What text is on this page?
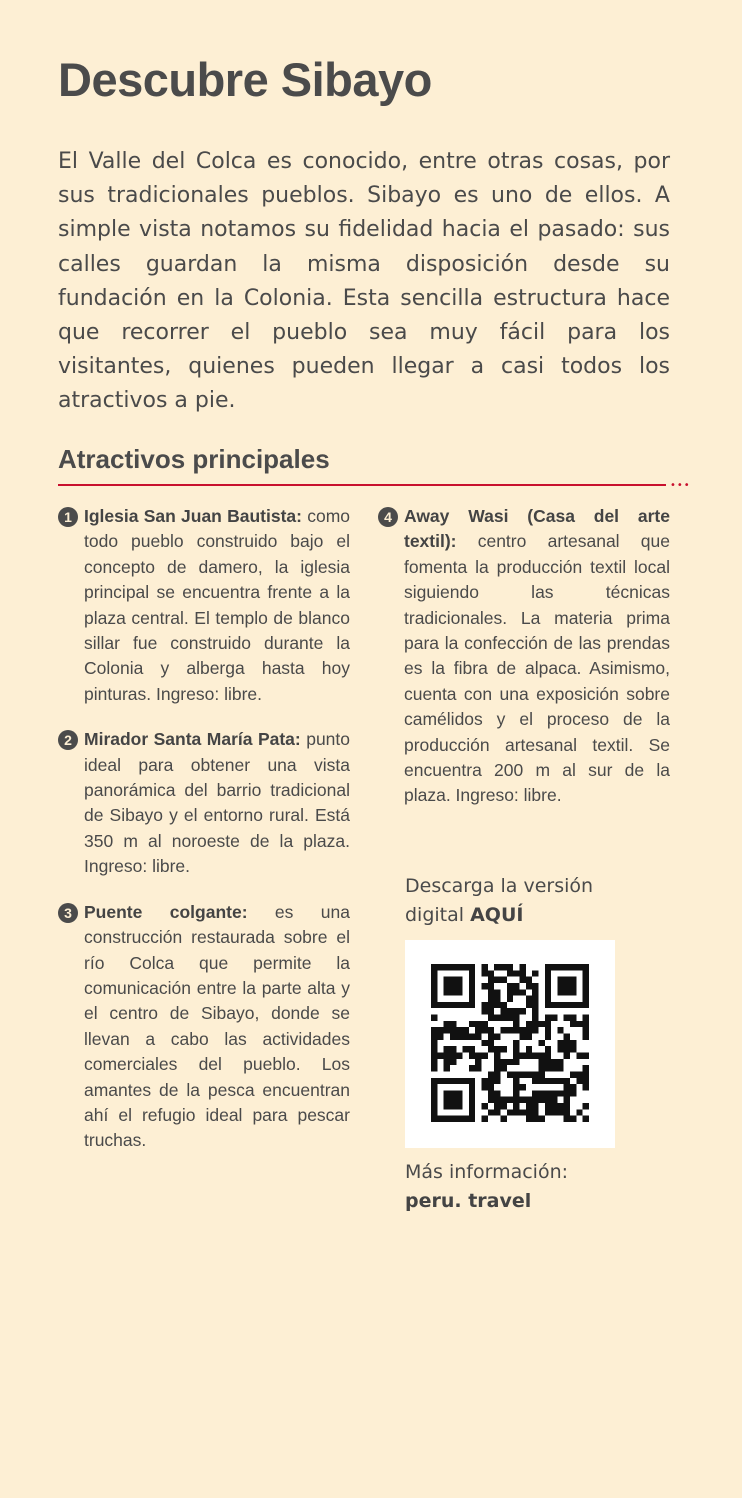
Descubre Sibayo

El Valle del Colca es conocido, entre otras cosas, por sus tradicionales pueblos. Sibayo es uno de ellos. A simple vista notamos su fidelidad hacia el pasado: sus calles guardan la misma disposición desde su fundación en la Colonia. Esta sencilla estructura hace que recorrer el pueblo sea muy fácil para los visitantes, quienes pueden llegar a casi todos los atractivos a pie.

Atractivos principales
•••
1 Iglesia San Juan Bautista: como todo pueblo construido bajo el concepto de damero, la iglesia principal se encuentra frente a la plaza central. El templo de blanco sillar fue construido durante la Colonia y alberga hasta hoy pinturas. Ingreso: libre.
2 Mirador Santa María Pata: punto ideal para obtener una vista panorámica del barrio tradicional de Sibayo y el entorno rural. Está 350 m al noroeste de la plaza. Ingreso: libre.
3 Puente colgante: es una construcción restaurada sobre el río Colca que permite la comunicación entre la parte alta y el centro de Sibayo, donde se llevan a cabo las actividades comerciales del pueblo. Los amantes de la pesca encuentran ahí el refugio ideal para pescar truchas.
4 Away Wasi (Casa del arte textil): centro artesanal que fomenta la producción textil local siguiendo las técnicas tradicionales. La materia prima para la confección de las prendas es la fibra de alpaca. Asimismo, cuenta con una exposición sobre camélidos y el proceso de la producción artesanal textil. Se encuentra 200 m al sur de la plaza. Ingreso: libre.
Descarga la versión digital AQUÍ
Más información:
peru. travel
